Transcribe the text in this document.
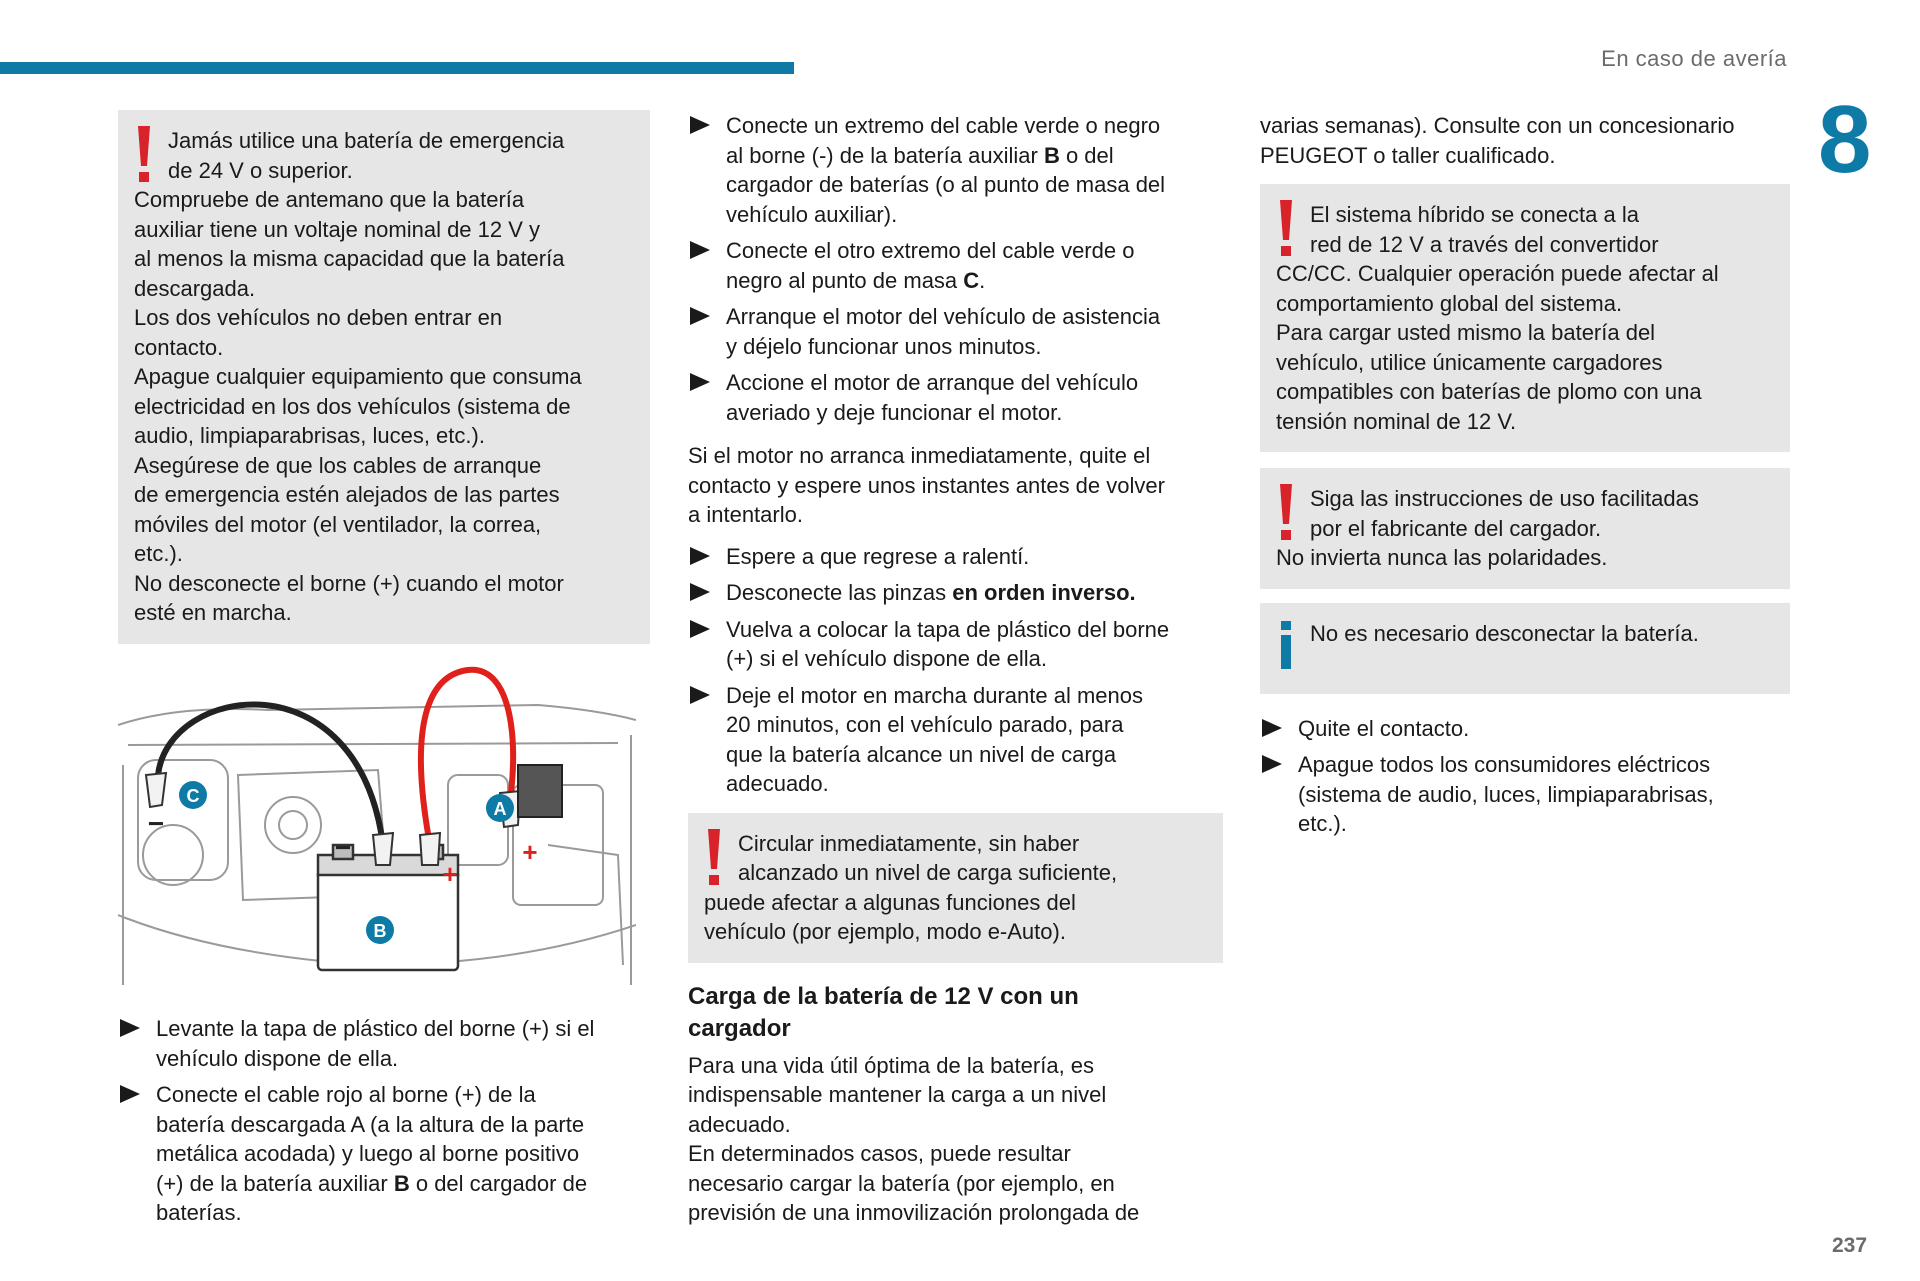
En caso de avería
8
237
Jamás utilice una batería de emergencia
de 24 V o superior.
Compruebe de antemano que la batería
auxiliar tiene un voltaje nominal de 12 V y
al menos la misma capacidad que la batería
descargada.
Los dos vehículos no deben entrar en
contacto.
Apague cualquier equipamiento que consuma
electricidad en los dos vehículos (sistema de
audio, limpiaparabrisas, luces, etc.).
Asegúrese de que los cables de arranque
de emergencia estén alejados de las partes
móviles del motor (el ventilador, la correa,
etc.).
No desconecte el borne (+) cuando el motor
esté en marcha.
C
A
B
+
+
−
−
Levante la tapa de plástico del borne (+) si el
vehículo dispone de ella.
Conecte el cable rojo al borne (+) de la
batería descargada A (a la altura de la parte
metálica acodada) y luego al borne positivo
(+) de la batería auxiliar B o del cargador de
baterías.
Conecte un extremo del cable verde o negro
al borne (-) de la batería auxiliar B o del
cargador de baterías (o al punto de masa del
vehículo auxiliar).
Conecte el otro extremo del cable verde o
negro al punto de masa C.
Arranque el motor del vehículo de asistencia
y déjelo funcionar unos minutos.
Accione el motor de arranque del vehículo
averiado y deje funcionar el motor.

Si el motor no arranca inmediatamente, quite el
contacto y espere unos instantes antes de volver
a intentarlo.

Espere a que regrese a ralentí.
Desconecte las pinzas en orden inverso.
Vuelva a colocar la tapa de plástico del borne
(+) si el vehículo dispone de ella.
Deje el motor en marcha durante al menos
20 minutos, con el vehículo parado, para
que la batería alcance un nivel de carga
adecuado.
Circular inmediatamente, sin haber
alcanzado un nivel de carga suficiente,
puede afectar a algunas funciones del
vehículo (por ejemplo, modo e-Auto).
Carga de la batería de 12 V con un
cargador

Para una vida útil óptima de la batería, es
indispensable mantener la carga a un nivel
adecuado.
En determinados casos, puede resultar
necesario cargar la batería (por ejemplo, en
previsión de una inmovilización prolongada de

varias semanas). Consulte con un concesionario
PEUGEOT o taller cualificado.

El sistema híbrido se conecta a la
red de 12 V a través del convertidor
CC/CC. Cualquier operación puede afectar al
comportamiento global del sistema.
Para cargar usted mismo la batería del
vehículo, utilice únicamente cargadores
compatibles con baterías de plomo con una
tensión nominal de 12 V.
Siga las instrucciones de uso facilitadas
por el fabricante del cargador.
No invierta nunca las polaridades.
No es necesario desconectar la batería.

Quite el contacto.
Apague todos los consumidores eléctricos
(sistema de audio, luces, limpiaparabrisas,
etc.).
